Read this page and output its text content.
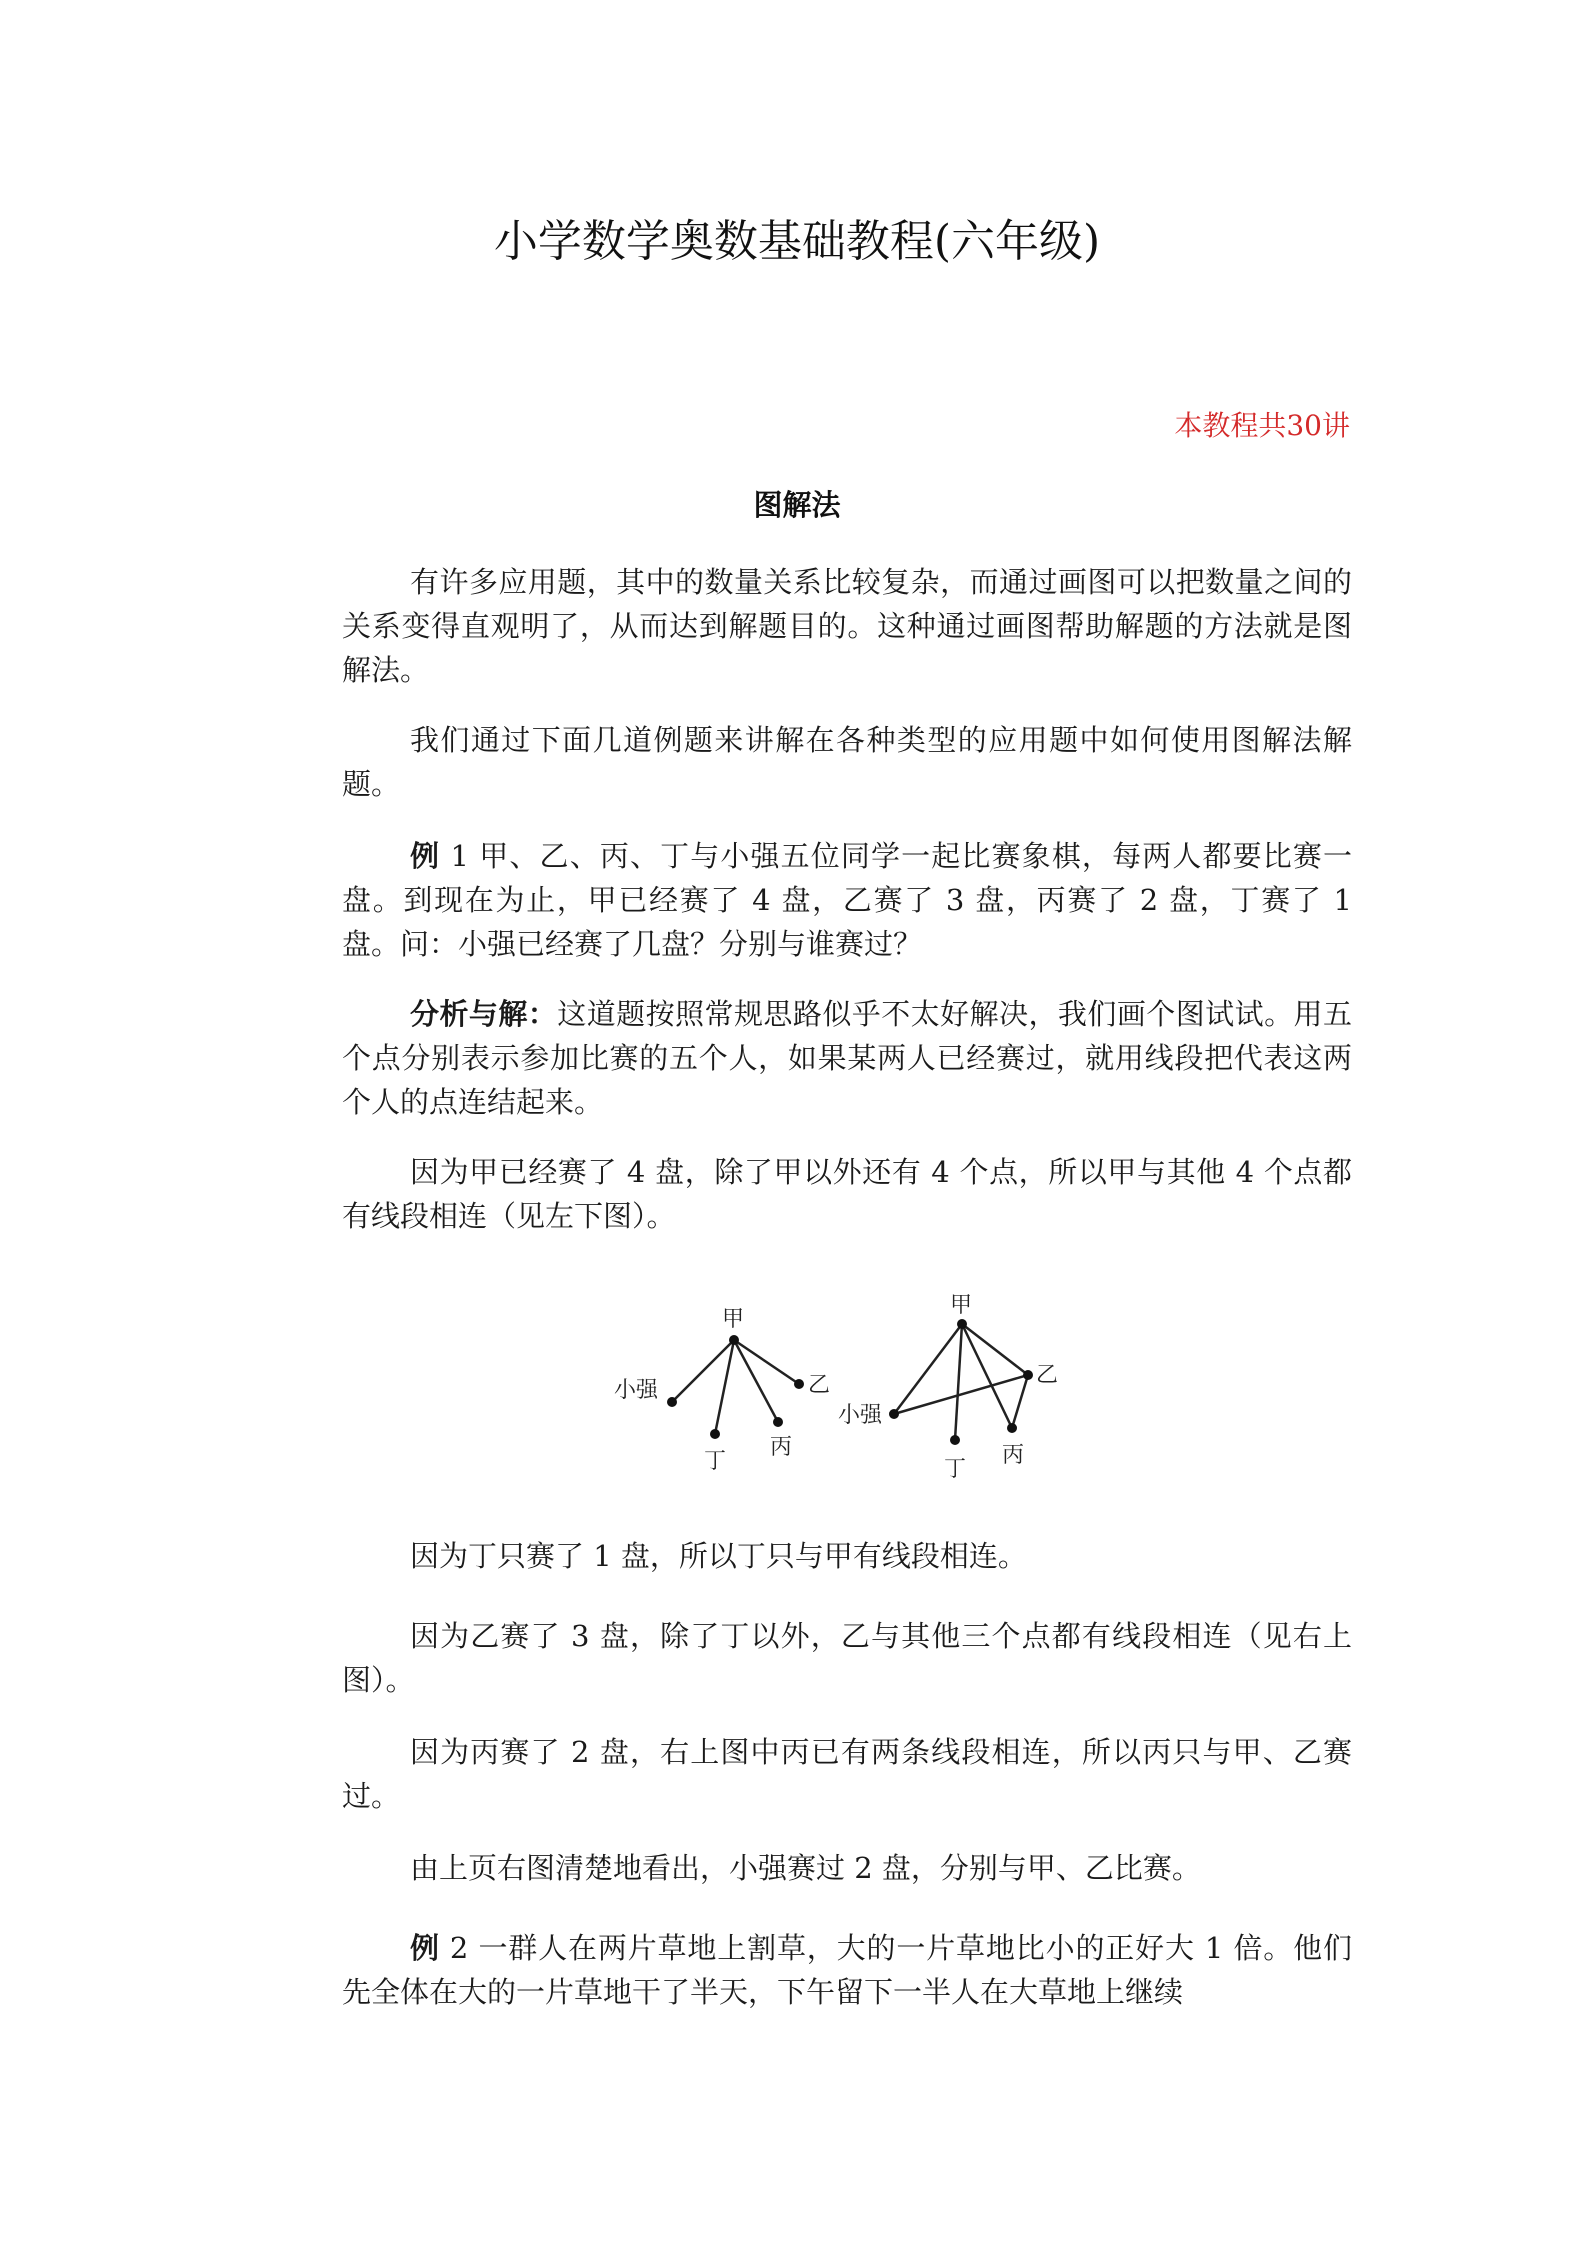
小学数学奥数基础教程(六年级)
本教程共30讲
图解法

有许多应用题，其中的数量关系比较复杂，而通过画图可以把数量之间的关系变得直观明了，从而达到解题目的。这种通过画图帮助解题的方法就是图解法。

我们通过下面几道例题来讲解在各种类型的应用题中如何使用图解法解题。

例 1 甲、乙、丙、丁与小强五位同学一起比赛象棋，每两人都要比赛一盘。到现在为止，甲已经赛了 4 盘，乙赛了 3 盘，丙赛了 2 盘，丁赛了 1 盘。问：小强已经赛了几盘？分别与谁赛过？

分析与解：这道题按照常规思路似乎不太好解决，我们画个图试试。用五个点分别表示参加比赛的五个人，如果某两人已经赛过，就用线段把代表这两个人的点连结起来。

因为甲已经赛了 4 盘，除了甲以外还有 4 个点，所以甲与其他 4 个点都有线段相连（见左下图）。

甲
小强	乙
丁
丙
甲
小强
乙
丁
丙

因为丁只赛了 1 盘，所以丁只与甲有线段相连。

因为乙赛了 3 盘，除了丁以外，乙与其他三个点都有线段相连（见右上图）。

因为丙赛了 2 盘，右上图中丙已有两条线段相连，所以丙只与甲、乙赛过。

由上页右图清楚地看出，小强赛过 2 盘，分别与甲、乙比赛。

例 2 一群人在两片草地上割草，大的一片草地比小的正好大 1 倍。他们先全体在大的一片草地干了半天，下午留下一半人在大草地上继续
